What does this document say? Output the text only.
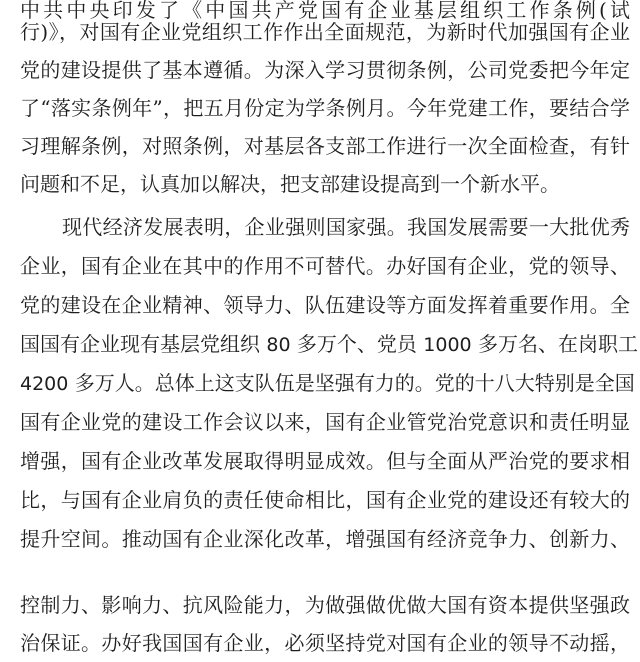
中共中央印发了《中国共产党国有企业基层组织工作条例(试
行)》，对国有企业党组织工作作出全面规范，为新时代加强国有企业
党的建设提供了基本遵循。为深入学习贯彻条例，公司党委把今年定
了“落实条例年”，把五月份定为学条例月。今年党建工作，要结合学
习理解条例，对照条例，对基层各支部工作进行一次全面检查，有针
问题和不足，认真加以解决，把支部建设提高到一个新水平。
现代经济发展表明，企业强则国家强。我国发展需要一大批优秀
企业，国有企业在其中的作用不可替代。办好国有企业，党的领导、
党的建设在企业精神、领导力、队伍建设等方面发挥着重要作用。全
国国有企业现有基层党组织 80 多万个、党员 1000 多万名、在岗职工
4200 多万人。总体上这支队伍是坚强有力的。党的十八大特别是全国
国有企业党的建设工作会议以来，国有企业管党治党意识和责任明显
增强，国有企业改革发展取得明显成效。但与全面从严治党的要求相
比，与国有企业肩负的责任使命相比，国有企业党的建设还有较大的
提升空间。推动国有企业深化改革，增强国有经济竞争力、创新力、
控制力、影响力、抗风险能力，为做强做优做大国有资本提供坚强政
治保证。办好我国国有企业，必须坚持党对国有企业的领导不动摇，
